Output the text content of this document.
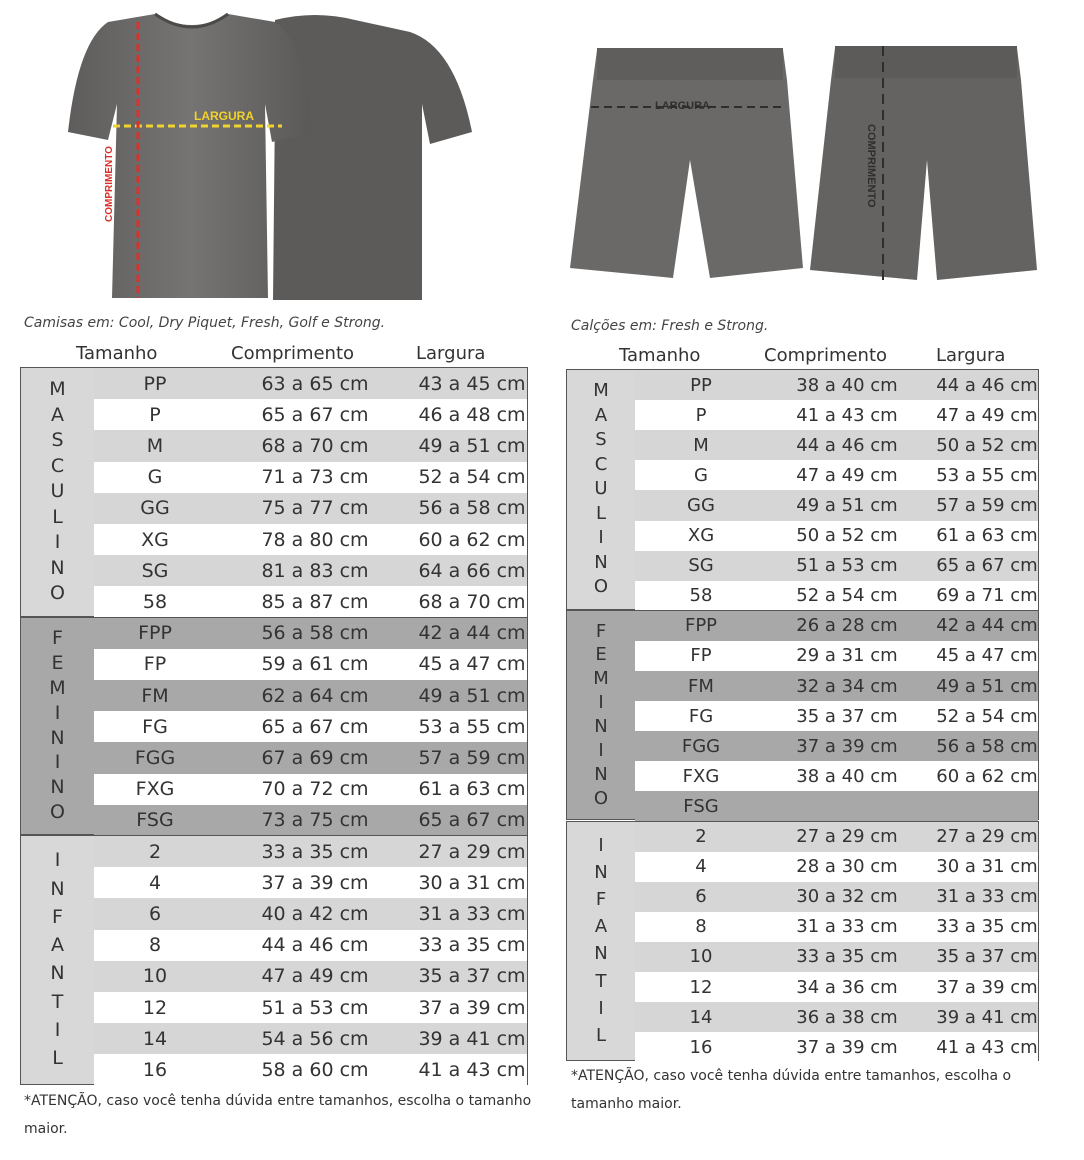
LARGURA
COMPRIMENTO
LARGURA
COMPRIMENTO
Camisas em: Cool, Dry Piquet, Fresh, Golf e Strong.	Calções em: Fresh e Strong.
Tamanho	Comprimento	Largura	Tamanho	Comprimento	Largura
M
A
S
C
U
L
I
N
O
PP	63 a 65 cm	43 a 45 cm
P	65 a 67 cm	46 a 48 cm
M	68 a 70 cm	49 a 51 cm
G	71 a 73 cm	52 a 54 cm
GG	75 a 77 cm	56 a 58 cm
XG	78 a 80 cm	60 a 62 cm
SG	81 a 83 cm	64 a 66 cm
58	85 a 87 cm	68 a 70 cm
F
E
M
I
N
I
N
O
FPP	56 a 58 cm	42 a 44 cm
FP	59 a 61 cm	45 a 47 cm
FM	62 a 64 cm	49 a 51 cm
FG	65 a 67 cm	53 a 55 cm
FGG	67 a 69 cm	57 a 59 cm
FXG	70 a 72 cm	61 a 63 cm
FSG	73 a 75 cm	65 a 67 cm
I
N
F
A
N
T
I
L
2	33 a 35 cm	27 a 29 cm
4	37 a 39 cm	30 a 31 cm
6	40 a 42 cm	31 a 33 cm
8	44 a 46 cm	33 a 35 cm
10	47 a 49 cm	35 a 37 cm
12	51 a 53 cm	37 a 39 cm
14	54 a 56 cm	39 a 41 cm
16	58 a 60 cm	41 a 43 cm
M
A
S
C
U
L
I
N
O
PP	38 a 40 cm	44 a 46 cm
P	41 a 43 cm	47 a 49 cm
M	44 a 46 cm	50 a 52 cm
G	47 a 49 cm	53 a 55 cm
GG	49 a 51 cm	57 a 59 cm
XG	50 a 52 cm	61 a 63 cm
SG	51 a 53 cm	65 a 67 cm
58	52 a 54 cm	69 a 71 cm
F
E
M
I
N
I
N
O
FPP	26 a 28 cm	42 a 44 cm
FP	29 a 31 cm	45 a 47 cm
FM	32 a 34 cm	49 a 51 cm
FG	35 a 37 cm	52 a 54 cm
FGG	37 a 39 cm	56 a 58 cm
FXG	38 a 40 cm	60 a 62 cm
FSG
I
N
F
A
N
T
I
L
2	27 a 29 cm	27 a 29 cm
4	28 a 30 cm	30 a 31 cm
6	30 a 32 cm	31 a 33 cm
8	31 a 33 cm	33 a 35 cm
10	33 a 35 cm	35 a 37 cm
12	34 a 36 cm	37 a 39 cm
14	36 a 38 cm	39 a 41 cm
16	37 a 39 cm	41 a 43 cm
*ATENÇÃO, caso você tenha dúvida entre tamanhos, escolha o tamanho maior.
*ATENÇÃO, caso você tenha dúvida entre tamanhos, escolha o tamanho maior.
